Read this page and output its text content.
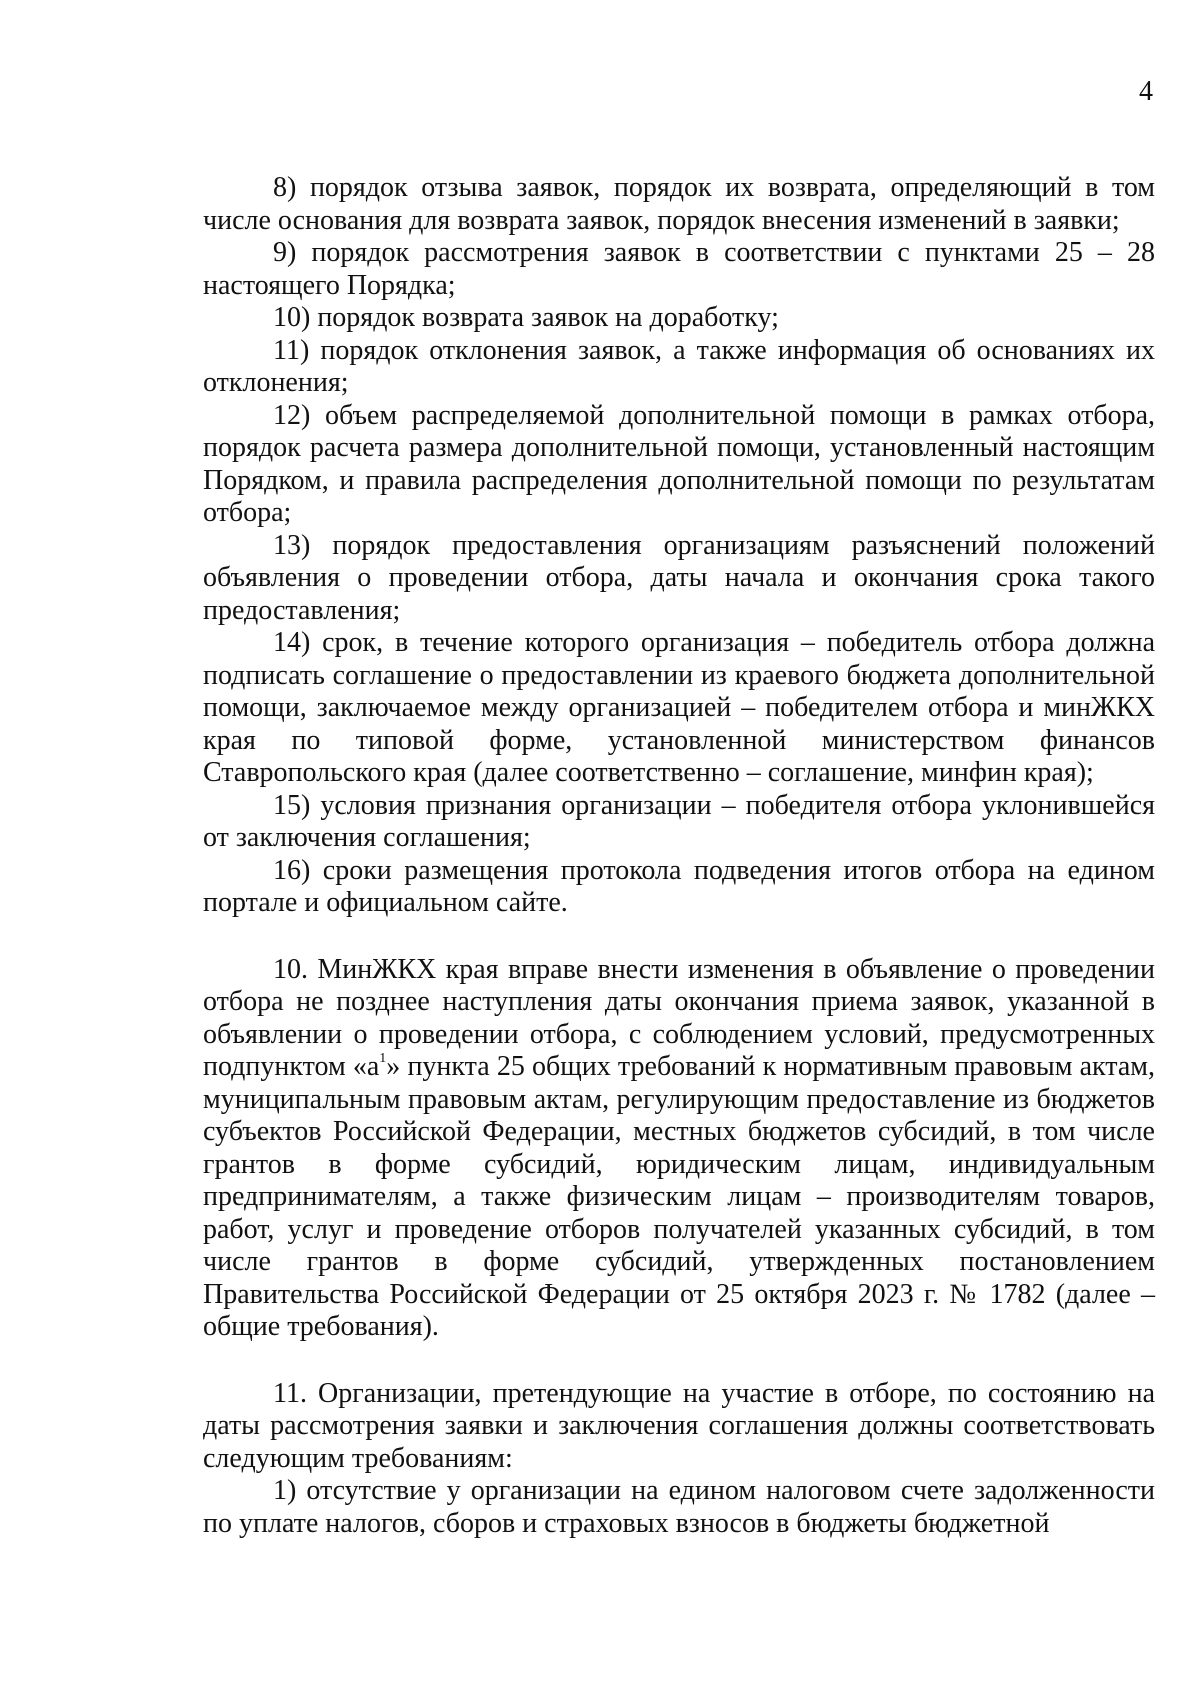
4

8) порядок отзыва заявок, порядок их возврата, определяющий в том числе основания для возврата заявок, порядок внесения изменений в заявки;

9) порядок рассмотрения заявок в соответствии с пунктами 25 – 28 настоящего Порядка;

10) порядок возврата заявок на доработку;

11) порядок отклонения заявок, а также информация об основаниях их отклонения;

12) объем распределяемой дополнительной помощи в рамках отбора, порядок расчета размера дополнительной помощи, установленный настоящим Порядком, и правила распределения дополнительной помощи по результатам отбора;

13) порядок предоставления организациям разъяснений положений объявления о проведении отбора, даты начала и окончания срока такого предоставления;

14) срок, в течение которого организация – победитель отбора должна подписать соглашение о предоставлении из краевого бюджета дополнительной помощи, заключаемое между организацией – победителем отбора и минЖКХ края по типовой форме, установленной министерством финансов Ставропольского края (далее соответственно – соглашение, минфин края);

15) условия признания организации – победителя отбора уклонившейся от заключения соглашения;

16) сроки размещения протокола подведения итогов отбора на едином портале и официальном сайте.

10. МинЖКХ края вправе внести изменения в объявление о проведении отбора не позднее наступления даты окончания приема заявок, указанной в объявлении о проведении отбора, с соблюдением условий, предусмотренных подпунктом «$а^1$» пункта 25 общих требований к нормативным правовым актам, муниципальным правовым актам, регулирующим предоставление из бюджетов субъектов Российской Федерации, местных бюджетов субсидий, в том числе грантов в форме субсидий, юридическим лицам, индивидуальным предпринимателям, а также физическим лицам – производителям товаров, работ, услуг и проведение отборов получателей указанных субсидий, в том числе грантов в форме субсидий, утвержденных постановлением Правительства Российской Федерации от 25 октября 2023 г. № 1782 (далее – общие требования).

11. Организации, претендующие на участие в отборе, по состоянию на даты рассмотрения заявки и заключения соглашения должны соответствовать следующим требованиям:

1) отсутствие у организации на едином налоговом счете задолженности по уплате налогов, сборов и страховых взносов в бюджеты бюджетной
